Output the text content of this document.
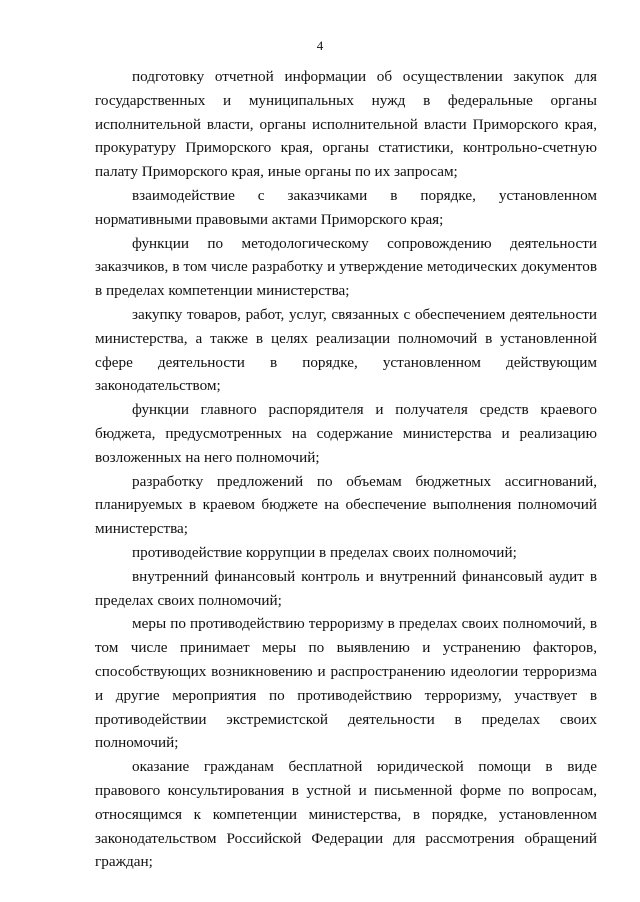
4

подготовку отчетной информации об осуществлении закупок для государственных и муниципальных нужд в федеральные органы исполнительной власти, органы исполнительной власти Приморского края, прокуратуру Приморского края, органы статистики, контрольно-счетную палату Приморского края, иные органы по их запросам;

взаимодействие с заказчиками в порядке, установленном нормативными правовыми актами Приморского края;

функции по методологическому сопровождению деятельности заказчиков, в том числе разработку и утверждение методических документов в пределах компетенции министерства;

закупку товаров, работ, услуг, связанных с обеспечением деятельности министерства, а также в целях реализации полномочий в установленной сфере деятельности в порядке, установленном действующим законодательством;

функции главного распорядителя и получателя средств краевого бюджета, предусмотренных на содержание министерства и реализацию возложенных на него полномочий;

разработку предложений по объемам бюджетных ассигнований, планируемых в краевом бюджете на обеспечение выполнения полномочий министерства;

противодействие коррупции в пределах своих полномочий;

внутренний финансовый контроль и внутренний финансовый аудит в пределах своих полномочий;

меры по противодействию терроризму в пределах своих полномочий, в том числе принимает меры по выявлению и устранению факторов, способствующих возникновению и распространению идеологии терроризма и другие мероприятия по противодействию терроризму, участвует в противодействии экстремистской деятельности в пределах своих полномочий;

оказание гражданам бесплатной юридической помощи в виде правового консультирования в устной и письменной форме по вопросам, относящимся к компетенции министерства, в порядке, установленном законодательством Российской Федерации для рассмотрения обращений граждан;
